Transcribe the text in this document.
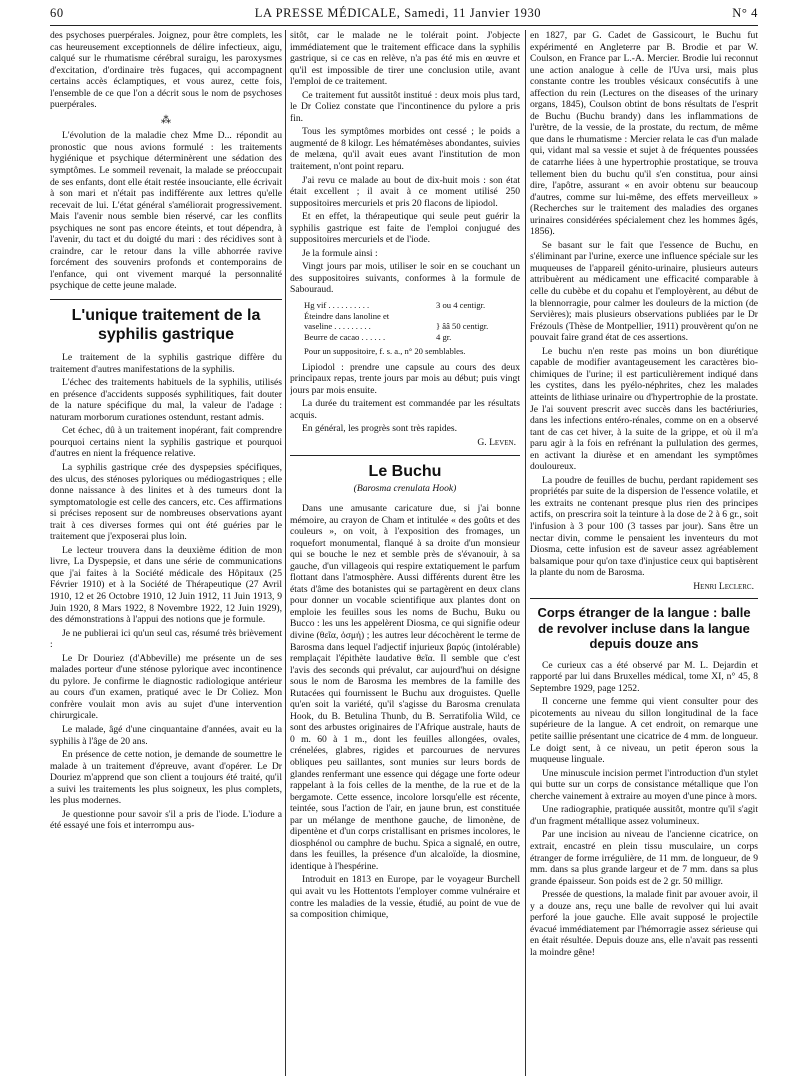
60	LA PRESSE MÉDICALE, Samedi, 11 Janvier 1930	N° 4

des psychoses puerpérales. Joignez, pour être complets, les cas heureusement exceptionnels de délire infectieux, aigu, calqué sur le rhumatisme cérébral suraigu, les paroxysmes d'excitation, d'ordinaire très fugaces, qui accompagnent certains accès éclamptiques, et vous aurez, cette fois, l'ensemble de ce que l'on a décrit sous le nom de psychoses puerpérales.

⁂

L'évolution de la maladie chez Mme D... répondit au pronostic que nous avions formulé : les traitements hygiénique et psychique déterminèrent une sédation des symptômes. Le sommeil revenait, la malade se préoccupait de ses enfants, dont elle était restée insouciante, elle écrivait à son mari et n'était pas indifférente aux lettres qu'elle recevait de lui. L'état général s'améliorait progressivement. Mais l'avenir nous semble bien réservé, car les conflits psychiques ne sont pas encore éteints, et tout dépendra, à l'avenir, du tact et du doigté du mari : des récidives sont à craindre, car le retour dans la ville abhorrée ravive forcément des souvenirs profonds et contemporains de l'enfance, qui ont vivement marqué la personnalité psychique de cette jeune malade.

L'unique traitement de la syphilis gastrique

Le traitement de la syphilis gastrique diffère du traitement d'autres manifestations de la syphilis.

L'échec des traitements habituels de la syphilis, utilisés en présence d'accidents supposés syphilitiques, fait douter de la nature spécifique du mal, la valeur de l'adage : naturam morborum curationes ostendunt, restant admis.

Cet échec, dû à un traitement inopérant, fait comprendre pourquoi certains nient la syphilis gastrique et pourquoi d'autres en nient la fréquence relative.

La syphilis gastrique crée des dyspepsies spécifiques, des ulcus, des sténoses pyloriques ou médiogastriques ; elle donne naissance à des linites et à des tumeurs dont la symptomatologie est celle des cancers, etc. Ces affirmations si précises reposent sur de nombreuses observations ayant trait à ces diverses formes qui ont été guéries par le traitement que j'exposerai plus loin.

Le lecteur trouvera dans la deuxième édition de mon livre, La Dyspepsie, et dans une série de communications que j'ai faites à la Société médicale des Hôpitaux (25 Février 1910) et à la Société de Thérapeutique (27 Avril 1910, 12 et 26 Octobre 1910, 12 Juin 1912, 11 Juin 1913, 9 Juin 1920, 8 Mars 1922, 8 Novembre 1922, 12 Juin 1929), des démonstrations à l'appui des notions que je formule.

Je ne publierai ici qu'un seul cas, résumé très brièvement :

Le Dr Douriez (d'Abbeville) me présente un de ses malades porteur d'une sténose pylorique avec incontinence du pylore. Je confirme le diagnostic radiologique antérieur au cours d'un examen, pratiqué avec le Dr Coliez. Mon confrère voulait mon avis au sujet d'une intervention chirurgicale.

Le malade, âgé d'une cinquantaine d'années, avait eu la syphilis à l'âge de 20 ans.

En présence de cette notion, je demande de soumettre le malade à un traitement d'épreuve, avant d'opérer. Le Dr Douriez m'apprend que son client a toujours été traité, qu'il a suivi les traitements les plus soigneux, les plus complets, les plus modernes.

Je questionne pour savoir s'il a pris de l'iode. L'iodure a été essayé une fois et interrompu aus-

sitôt, car le malade ne le tolérait point. J'objecte immédiatement que le traitement efficace dans la syphilis gastrique, si ce cas en relève, n'a pas été mis en œuvre et qu'il est impossible de tirer une conclusion utile, avant l'emploi de ce traitement.

Ce traitement fut aussitôt institué : deux mois plus tard, le Dr Coliez constate que l'incontinence du pylore a pris fin.

Tous les symptômes morbides ont cessé ; le poids a augmenté de 8 kilogr. Les hématémèses abondantes, suivies de melæna, qu'il avait eues avant l'institution de mon traitement, n'ont point reparu.

J'ai revu ce malade au bout de dix-huit mois : son état était excellent ; il avait à ce moment utilisé 250 suppositoires mercuriels et pris 20 flacons de lipiodol.

Et en effet, la thérapeutique qui seule peut guérir la syphilis gastrique est faite de l'emploi conjugué des suppositoires mercuriels et de l'iode.

Je la formule ainsi :

Vingt jours par mois, utiliser le soir en se couchant un des suppositoires suivants, conformes à la formule de Sabouraud.

Hg vif . . . . . . . . . .	3 ou 4 centigr.
Éteindre dans lanoline et
vaseline . . . . . . . . .	} ââ 50 centigr.
Beurre de cacao . . . . . .	4 gr.

Pour un suppositoire, f. s. a., n° 20 semblables.

Lipiodol : prendre une capsule au cours des deux principaux repas, trente jours par mois au début; puis vingt jours par mois ensuite.

La durée du traitement est commandée par les résultats acquis.

En général, les progrès sont très rapides.

G. Leven.
Le Buchu
(Barosma crenulata Hook)

Dans une amusante caricature due, si j'ai bonne mémoire, au crayon de Cham et intitulée « des goûts et des couleurs », on voit, à l'exposition des fromages, un roquefort monumental, flanqué à sa droite d'un monsieur qui se bouche le nez et semble près de s'évanouir, à sa gauche, d'un villageois qui respire extatiquement le parfum flottant dans l'atmosphère. Aussi différents durent être les états d'âme des botanistes qui se partagèrent en deux clans pour donner un vocable scientifique aux plantes dont on emploie les feuilles sous les noms de Buchu, Buku ou Bucco : les uns les appelèrent Diosma, ce qui signifie odeur divine (θεῖα, ὀσμή) ; les autres leur décochèrent le terme de Barosma dans lequel l'adjectif injurieux βαρύς (intolérable) remplaçait l'épithète laudative θεῖα. Il semble que c'est l'avis des seconds qui prévalut, car aujourd'hui on désigne sous le nom de Barosma les membres de la famille des Rutacées qui fournissent le Buchu aux droguistes. Quelle qu'en soit la variété, qu'il s'agisse du Barosma crenulata Hook, du B. Betulina Thunb, du B. Serratifolia Wild, ce sont des arbustes originaires de l'Afrique australe, hauts de 0 m. 60 à 1 m., dont les feuilles allongées, ovales, crénelées, glabres, rigides et parcourues de nervures obliques peu saillantes, sont munies sur leurs bords de glandes renfermant une essence qui dégage une forte odeur rappelant à la fois celles de la menthe, de la rue et de la bergamote. Cette essence, incolore lorsqu'elle est récente, teintée, sous l'action de l'air, en jaune brun, est constituée par un mélange de menthone gauche, de limonène, de dipentène et d'un corps cristallisant en prismes incolores, le diosphénol ou camphre de buchu. Spica a signalé, en outre, dans les feuilles, la présence d'un alcaloïde, la diosmine, identique à l'hespérine.

Introduit en 1813 en Europe, par le voyageur Burchell qui avait vu les Hottentots l'employer comme vulnéraire et contre les maladies de la vessie, étudié, au point de vue de sa composition chimique,

en 1827, par G. Cadet de Gassicourt, le Buchu fut expérimenté en Angleterre par B. Brodie et par W. Coulson, en France par L.-A. Mercier. Brodie lui reconnut une action analogue à celle de l'Uva ursi, mais plus constante contre les troubles vésicaux consécutifs à une affection du rein (Lectures on the diseases of the urinary organs, 1845), Coulson obtint de bons résultats de l'esprit de Buchu (Buchu brandy) dans les inflammations de l'urètre, de la vessie, de la prostate, du rectum, de même que dans le rhumatisme : Mercier relata le cas d'un malade qui, vidant mal sa vessie et sujet à de fréquentes poussées de catarrhe liées à une hypertrophie prostatique, se trouva tellement bien du buchu qu'il s'en constitua, pour ainsi dire, l'apôtre, assurant « en avoir obtenu sur beaucoup d'autres, comme sur lui-même, des effets merveilleux » (Recherches sur le traitement des maladies des organes urinaires considérées spécialement chez les hommes âgés, 1856).

Se basant sur le fait que l'essence de Buchu, en s'éliminant par l'urine, exerce une influence spéciale sur les muqueuses de l'appareil génito-urinaire, plusieurs auteurs attribuèrent au médicament une efficacité comparable à celle du cubèbe et du copahu et l'employèrent, au début de la blennorragie, pour calmer les douleurs de la miction (de Servières); mais plusieurs observations publiées par le Dr Frézouls (Thèse de Montpellier, 1911) prouvèrent qu'on ne pouvait faire grand état de ces assertions.

Le buchu n'en reste pas moins un bon diurétique capable de modifier avantageusement les caractères bio-chimiques de l'urine; il est particulièrement indiqué dans les cystites, dans les pyélo-néphrites, chez les malades atteints de lithiase urinaire ou d'hypertrophie de la prostate. Je l'ai souvent prescrit avec succès dans les bactériuries, dans les infections entéro-rénales, comme on en a observé tant de cas cet hiver, à la suite de la grippe, et où il m'a paru agir à la fois en refrénant la pullulation des germes, en activant la diurèse et en amendant les symptômes douloureux.

La poudre de feuilles de buchu, perdant rapidement ses propriétés par suite de la dispersion de l'essence volatile, et les extraits ne contenant presque plus rien des principes actifs, on prescrira soit la teinture à la dose de 2 à 6 gr., soit l'infusion à 3 pour 100 (3 tasses par jour). Sans être un nectar divin, comme le pensaient les inventeurs du mot Diosma, cette infusion est de saveur assez agréablement balsamique pour qu'on taxe d'injustice ceux qui baptisèrent la plante du nom de Barosma.

Henri Leclerc.
Corps étranger de la langue : balle de revolver incluse dans la langue depuis douze ans

Ce curieux cas a été observé par M. L. Dejardin et rapporté par lui dans Bruxelles médical, tome XI, n° 45, 8 Septembre 1929, page 1252.

Il concerne une femme qui vient consulter pour des picotements au niveau du sillon longitudinal de la face supérieure de la langue. A cet endroit, on remarque une petite saillie présentant une cicatrice de 4 mm. de longueur. Le doigt sent, à ce niveau, un petit éperon sous la muqueuse linguale.

Une minuscule incision permet l'introduction d'un stylet qui butte sur un corps de consistance métallique que l'on cherche vainement à extraire au moyen d'une pince à mors.

Une radiographie, pratiquée aussitôt, montre qu'il s'agit d'un fragment métallique assez volumineux.

Par une incision au niveau de l'ancienne cicatrice, on extrait, encastré en plein tissu musculaire, un corps étranger de forme irrégulière, de 11 mm. de longueur, de 9 mm. dans sa plus grande largeur et de 7 mm. dans sa plus grande épaisseur. Son poids est de 2 gr. 50 milligr.

Pressée de questions, la malade finit par avouer avoir, il y a douze ans, reçu une balle de revolver qui lui avait perforé la joue gauche. Elle avait supposé le projectile évacué immédiatement par l'hémorragie assez sérieuse qui en était résultée. Depuis douze ans, elle n'avait pas ressenti la moindre gêne!
